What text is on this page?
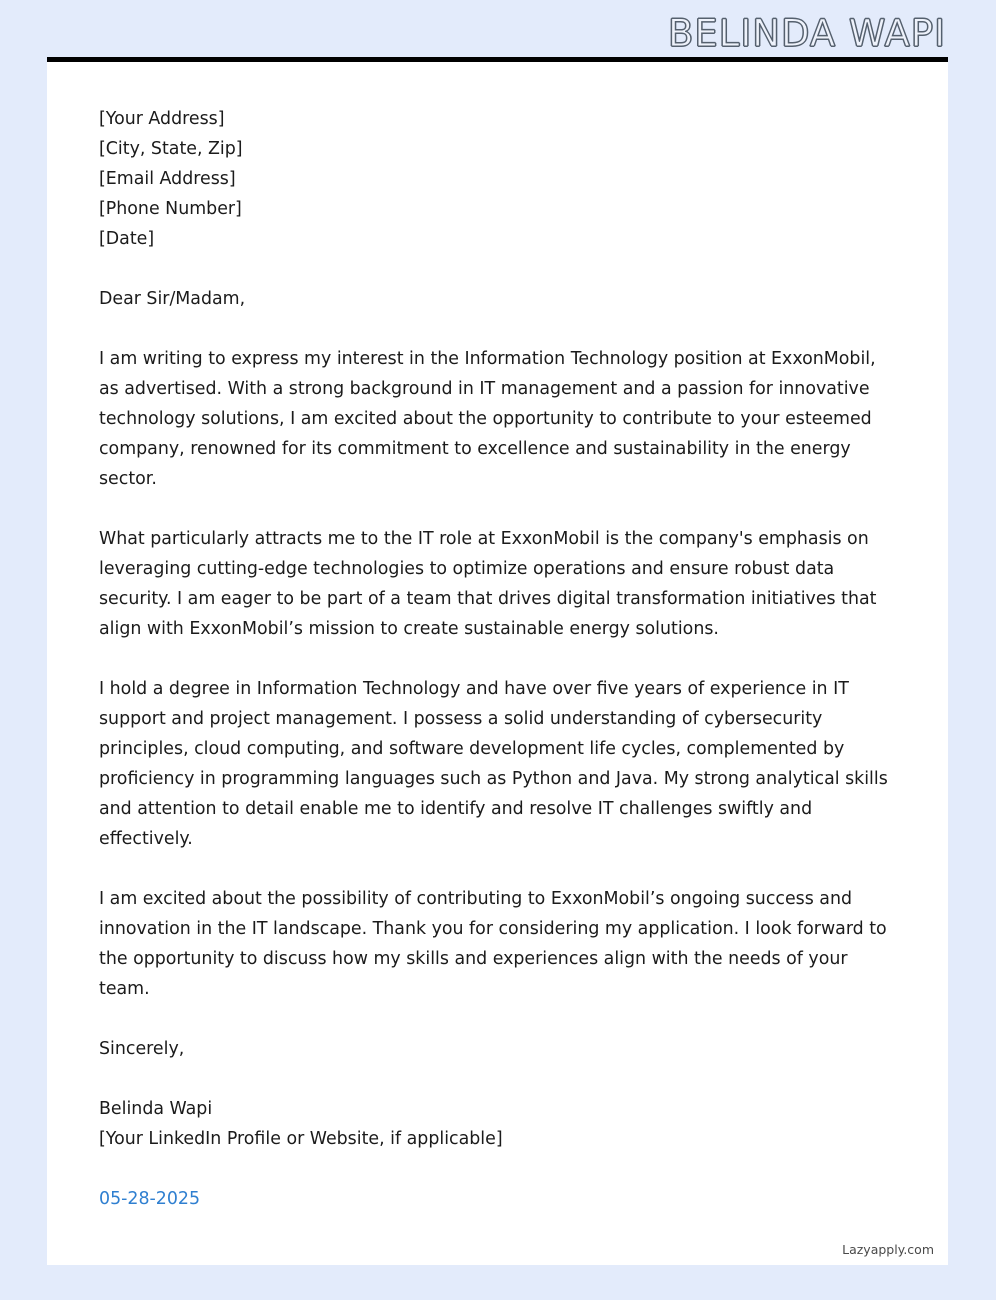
BELINDA WAPI
[Your Address]
[City, State, Zip]
[Email Address]
[Phone Number]
[Date]
Dear Sir/Madam,

I am writing to express my interest in the Information Technology position at ExxonMobil, as advertised. With a strong background in IT management and a passion for innovative technology solutions, I am excited about the opportunity to contribute to your esteemed company, renowned for its commitment to excellence and sustainability in the energy sector.

What particularly attracts me to the IT role at ExxonMobil is the company's emphasis on leveraging cutting-edge technologies to optimize operations and ensure robust data security. I am eager to be part of a team that drives digital transformation initiatives that align with ExxonMobil’s mission to create sustainable energy solutions.

I hold a degree in Information Technology and have over five years of experience in IT support and project management. I possess a solid understanding of cybersecurity principles, cloud computing, and software development life cycles, complemented by proficiency in programming languages such as Python and Java. My strong analytical skills and attention to detail enable me to identify and resolve IT challenges swiftly and effectively.

I am excited about the possibility of contributing to ExxonMobil’s ongoing success and innovation in the IT landscape. Thank you for considering my application. I look forward to the opportunity to discuss how my skills and experiences align with the needs of your team.

Sincerely,
Belinda Wapi
[Your LinkedIn Profile or Website, if applicable]
05-28-2025
Lazyapply.com
